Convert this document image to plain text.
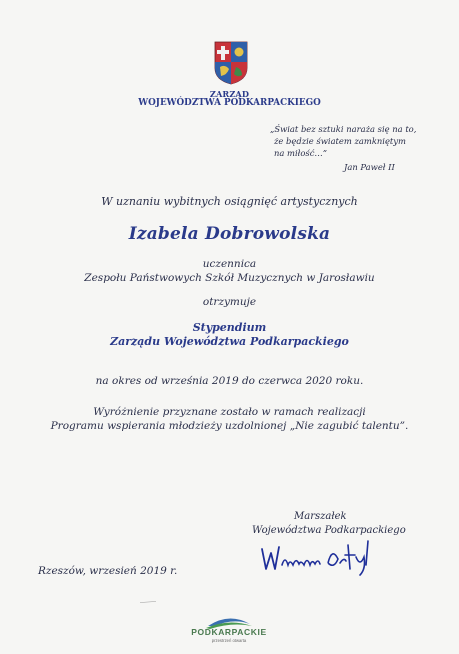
ZARZĄD
WOJEWÓDZTWA PODKARPACKIEGO
„Świat bez sztuki naraża się na to,
że będzie światem zamkniętym
na miłość…”
Jan Paweł II
W uznaniu wybitnych osiągnięć artystycznych
Izabela Dobrowolska
uczennica
Zespołu Państwowych Szkół Muzycznych w Jarosławiu
otrzymuje
Stypendium
Zarządu Województwa Podkarpackiego
na okres od września 2019 do czerwca 2020 roku.
Wyróżnienie przyznane zostało w ramach realizacji
Programu wspierania młodzieży uzdolnionej „Nie zagubić talentu”.
Marszałek
Województwa Podkarpackiego
Rzeszów, wrzesień 2019 r.
PODKARPACKIE
przestrzeń otwarta
